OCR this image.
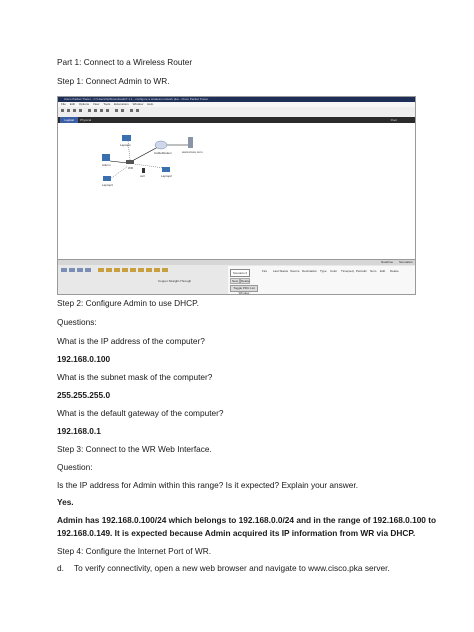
Part 1: Connect to a Wireless Router
Step 1: Connect Admin to WR.
Cisco Packet Tracer - C:\Users\hp\Downloads\7.1.1 - configure a wireless network.pka - Cisco Packet Tracer
File Edit Options View Tools Extensions Window Help
Logical	Physical	Root
Laptop1
CableModem	www.cisco.com
Admin
WR
cell	Laptop2
Laptop3
Realtime Simulation
Copper Straight-Through
Scenario 0
New	Delete
Toggle PDU List Window
Fire Last Status Source Destination Type Color Time(sec) Periodic Num Edit Delete
Step 2: Configure Admin to use DHCP.
Questions:
What is the IP address of the computer?
192.168.0.100
What is the subnet mask of the computer?
255.255.255.0
What is the default gateway of the computer?
192.168.0.1
Step 3: Connect to the WR Web Interface.
Question:
Is the IP address for Admin within this range? Is it expected? Explain your answer.
Yes.
Admin has 192.168.0.100/24 which belongs to 192.168.0.0/24 and in the range of 192.168.0.100 to
192.168.0.149. It is expected because Admin acquired its IP information from WR via DHCP.
Step 4: Configure the Internet Port of WR.
d. To verify connectivity, open a new web browser and navigate to www.cisco.pka server.
